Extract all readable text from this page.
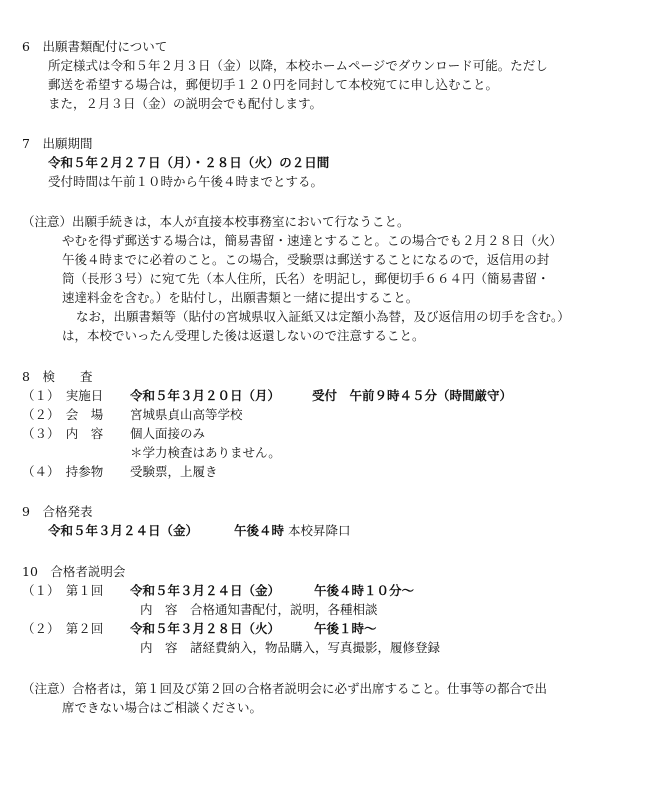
6　出願書類配付について
所定様式は令和５年２月３日（金）以降，本校ホームページでダウンロード可能。ただし
郵送を希望する場合は，郵便切手１２０円を同封して本校宛てに申し込むこと。
また，２月３日（金）の説明会でも配付します。
7　出願期間
令和５年２月２７日（月）・２８日（火）の２日間
受付時間は午前１０時から午後４時までとする。
（注意）出願手続きは，本人が直接本校事務室において行なうこと。
やむを得ず郵送する場合は，簡易書留・速達とすること。この場合でも２月２８日（火）
午後４時までに必着のこと。この場合，受験票は郵送することになるので，返信用の封
筒（長形３号）に宛て先（本人住所，氏名）を明記し，郵便切手６６４円（簡易書留・
速達料金を含む。）を貼付し，出願書類と一緒に提出すること。
なお，出願書類等（貼付の宮城県収入証紙又は定額小為替，及び返信用の切手を含む。）
は，本校でいったん受理した後は返還しないので注意すること。
8　検　　査
（１）　実施日 令和５年３月２０日（月）	受付　午前９時４５分（時間厳守）
（２）　会　場 宮城県貞山高等学校
（３）　内　容 個人面接のみ
＊学力検査はありません。
（４）　持参物 受験票，上履き
9　合格発表
令和５年３月２４日（金）	午後４時 本校昇降口
10　合格者説明会
（１）　第１回 令和５年３月２４日（金）	午後４時１０分～
内　容　合格通知書配付，説明，各種相談
（２）　第２回 令和５年３月２８日（火）	午後１時～
内　容　諸経費納入，物品購入，写真撮影，履修登録
（注意）合格者は，第１回及び第２回の合格者説明会に必ず出席すること。仕事等の都合で出
席できない場合はご相談ください。
